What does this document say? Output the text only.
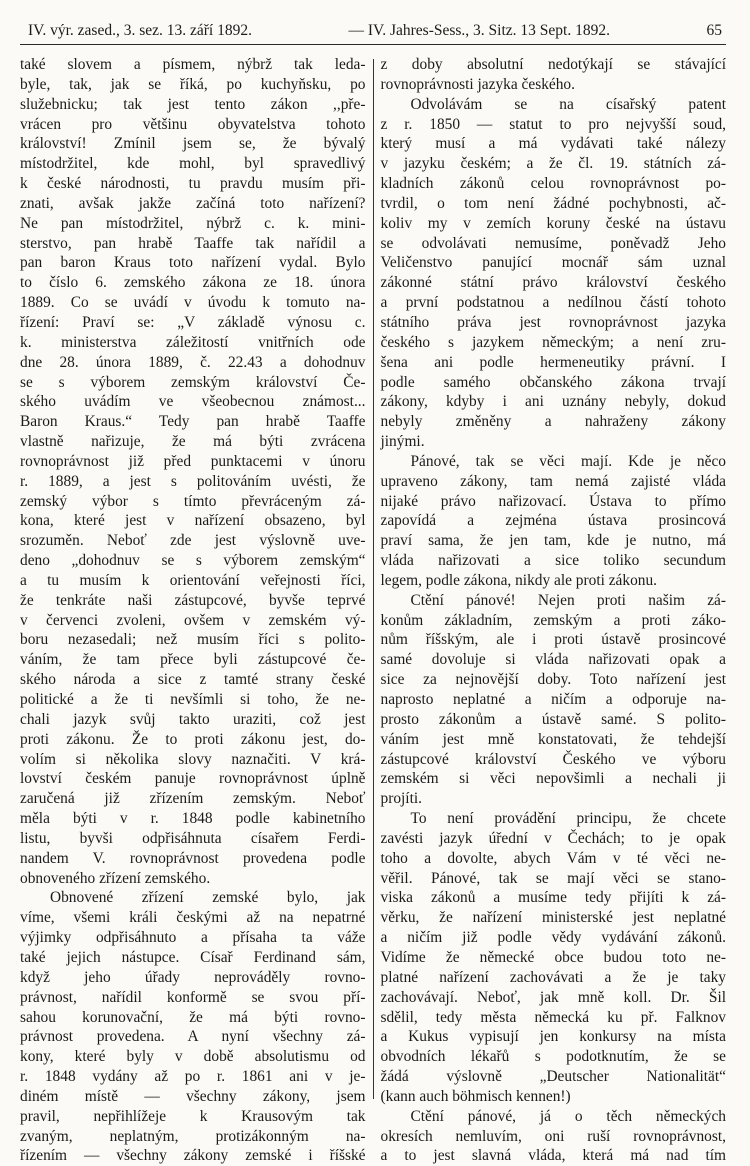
IV. výr. zased., 3. sez. 13. září 1892.	— IV. Jahres-Sess., 3. Sitz. 13 Sept. 1892.	65
také slovem a písmem, nýbrž tak leda-
byle, tak, jak se říká, po kuchyňsku, po
služebnicku; tak jest tento zákon ,,pře-
vrácen pro většinu obyvatelstva tohoto
království! Zmínil jsem se, že bývalý
místodržitel, kde mohl, byl spravedlivý
k české národnosti, tu pravdu musím při-
znati, avšak jakže začíná toto nařízení?
Ne pan místodržitel, nýbrž c. k. mini-
sterstvo, pan hrabě Taaffe tak nařídil a
pan baron Kraus toto nařízení vydal. Bylo
to číslo 6. zemského zákona ze 18. února
1889. Co se uvádí v úvodu k tomuto na-
řízení: Praví se: „V základě výnosu c.
k. ministerstva záležitostí vnitřních ode
dne 28. února 1889, č. 22.43 a dohodnuv
se s výborem zemským království Če-
ského uvádím ve všeobecnou známost...
Baron Kraus.“ Tedy pan hrabě Taaffe
vlastně nařizuje, že má býti zvrácena
rovnoprávnost již před punktacemi v únoru
r. 1889, a jest s politováním uvésti, že
zemský výbor s tímto převráceným zá-
kona, které jest v nařízení obsazeno, byl
srozuměn. Neboť zde jest výslovně uve-
deno „dohodnuv se s výborem zemským“
a tu musím k orientování veřejnosti říci,
že tenkráte naši zástupcové, byvše teprvé
v červenci zvoleni, ovšem v zemském vý-
boru nezasedali; než musím říci s polito-
váním, že tam přece byli zástupcové če-
ského národa a sice z tamté strany české
politické a že ti nevšímli si toho, že ne-
chali jazyk svůj takto uraziti, což jest
proti zákonu. Že to proti zákonu jest, do-
volím si několika slovy naznačiti. V krá-
lovství českém panuje rovnoprávnost úplně
zaručená již zřízením zemským. Neboť
měla býti v r. 1848 podle kabinetního
listu, byvši odpřisáhnuta císařem Ferdi-
nandem V. rovnoprávnost provedena podle
obnoveného zřízení zemského.
Obnovené zřízení zemské bylo, jak
víme, všemi králi českými až na nepatrné
výjimky odpřisáhnuto a přísaha ta váže
také jejich nástupce. Císař Ferdinand sám,
když jeho úřady neprováděly rovno-
právnost, nařídil konformě se svou pří-
sahou korunovační, že má býti rovno-
právnost provedena. A nyní všechny zá-
kony, které byly v době absolutismu od
r. 1848 vydány až po r. 1861 ani v je-
diném místě — všechny zákony, jsem
pravil, nepřihlížeje k Krausovým tak
zvaným, neplatným, protizákonným na-
řízením — všechny zákony zemské i říšské
z doby absolutní nedotýkají se stávající
rovnoprávnosti jazyka českého.
Odvolávám se na císařský patent
z r. 1850 — statut to pro nejvyšší soud,
který musí a má vydávati také nálezy
v jazyku českém; a že čl. 19. státních zá-
kladních zákonů celou rovnoprávnost po-
tvrdil, o tom není žádné pochybnosti, ač-
koliv my v zemích koruny české na ústavu
se odvolávati nemusíme, poněvadž Jeho
Veličenstvo panující mocnář sám uznal
zákonné státní právo království českého
a první podstatnou a nedílnou částí tohoto
státního práva jest rovnoprávnost jazyka
českého s jazykem německým; a není zru-
šena ani podle hermeneutiky právní. I
podle samého občanského zákona trvají
zákony, kdyby i ani uznány nebyly, dokud
nebyly změněny a nahraženy zákony
jinými.
Pánové, tak se věci mají. Kde je něco
upraveno zákony, tam nemá zajisté vláda
nijaké právo nařizovací. Ústava to přímo
zapovídá a zejména ústava prosincová
praví sama, že jen tam, kde je nutno, má
vláda nařizovati a sice toliko secundum
legem, podle zákona, nikdy ale proti zákonu.
Ctění pánové! Nejen proti našim zá-
konům základním, zemským a proti záko-
nům říšským, ale i proti ústavě prosincové
samé dovoluje si vláda nařizovati opak a
sice za nejnovější doby. Toto nařízení jest
naprosto neplatné a ničím a odporuje na-
prosto zákonům a ústavě samé. S polito-
váním jest mně konstatovati, že tehdejší
zástupcové království Českého ve výboru
zemském si věci nepovšimli a nechali ji
projíti.
To není provádění principu, že chcete
zavésti jazyk úřední v Čechách; to je opak
toho a dovolte, abych Vám v té věci ne-
věřil. Pánové, tak se mají věci se stano-
viska zákonů a musíme tedy přijíti k zá-
věrku, že nařízení ministerské jest neplatné
a ničím již podle vědy vydávání zákonů.
Vidíme že německé obce budou toto ne-
platné nařízení zachovávati a že je taky
zachovávají. Neboť, jak mně koll. Dr. Šil
sdělil, tedy města německá ku př. Falknov
a Kukus vypisují jen konkursy na místa
obvodních lékařů s podotknutím, že se
žádá výslovně „Deutscher Nationalität“
(kann auch böhmisch kennen!)
Ctění pánové, já o těch německých
okresích nemluvím, oni ruší rovnoprávnost,
a to jest slavná vláda, která má nad tím
